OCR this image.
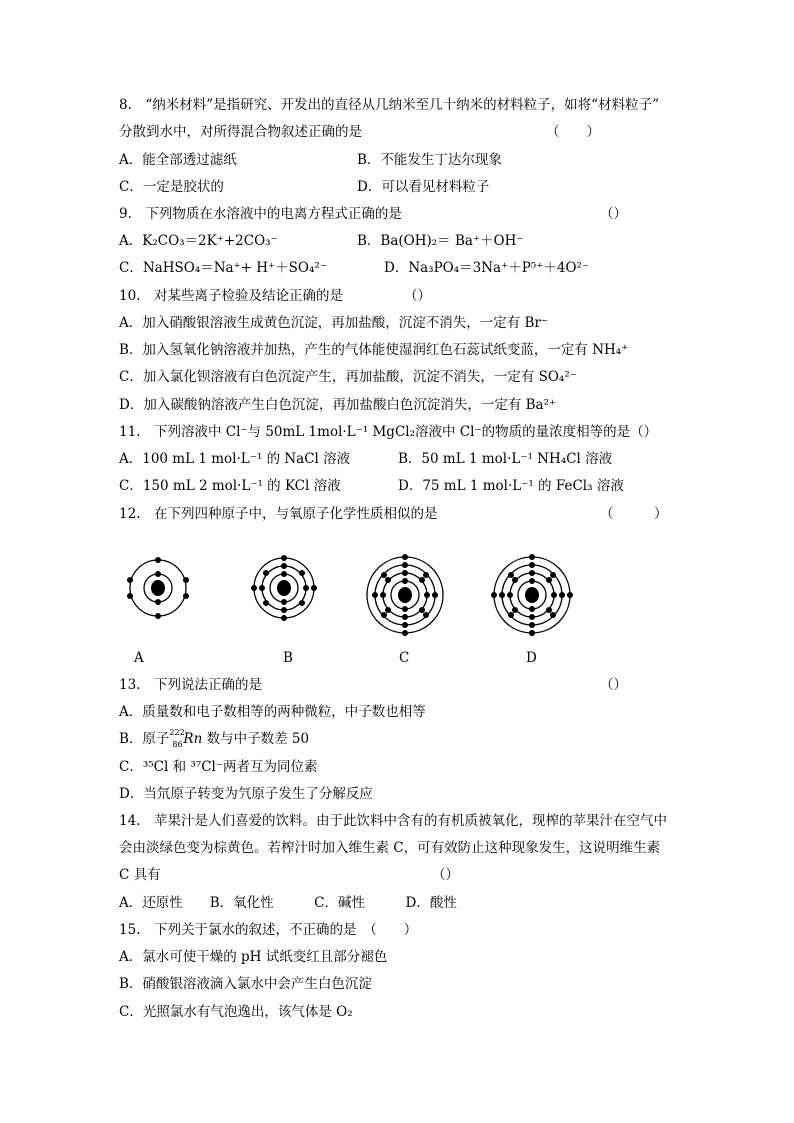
8.　“纳米材料”是指研究、开发出的直径从几纳米至几十纳米的材料粒子，如将“材料粒子”
分散到水中，对所得混合物叙述正确的是	（　　）
A．能全部透过滤纸	B．不能发生丁达尔现象
C．一定是胶状的	D．可以看见材料粒子
9.　下列物质在水溶液中的电离方程式正确的是	（）
A．K₂CO₃＝2K⁺+2CO₃⁻	B．Ba(OH)₂＝ Ba⁺＋OH⁻
C．NaHSO₄＝Na⁺+ H⁺＋SO₄²⁻	D．Na₃PO₄＝3Na⁺＋P⁵⁺＋4O²⁻
10.　对某些离子检验及结论正确的是	（）
A．加入硝酸银溶液生成黄色沉淀，再加盐酸，沉淀不消失，一定有 Br⁻
B．加入氢氧化钠溶液并加热，产生的气体能使湿润红色石蕊试纸变蓝，一定有 NH₄⁺
C．加入氯化钡溶液有白色沉淀产生，再加盐酸，沉淀不消失，一定有 SO₄²⁻
D．加入碳酸钠溶液产生白色沉淀，再加盐酸白色沉淀消失，一定有 Ba²⁺
11.　下列溶液中 Cl⁻与 50mL 1mol·L⁻¹ MgCl₂溶液中 Cl⁻的物质的量浓度相等的是（）
A．100 mL 1 mol·L⁻¹ 的 NaCl 溶液	B．50 mL 1 mol·L⁻¹ NH₄Cl 溶液
C．150 mL 2 mol·L⁻¹ 的 KCl 溶液	D．75 mL 1 mol·L⁻¹ 的 FeCl₃ 溶液
12.　在下列四种原子中，与氧原子化学性质相似的是	（　　　）
A	B	C	D
13.　下列说法正确的是	（）
A．质量数和电子数相等的两种微粒，中子数也相等
B．原子 222
86 Rn 数与中子数差 50
C．³⁵Cl 和 ³⁷Cl⁻两者互为同位素
D．当氘原子转变为氕原子发生了分解反应
14.　苹果汁是人们喜爱的饮料。由于此饮料中含有的有机质被氧化，现榨的苹果汁在空气中
会由淡绿色变为棕黄色。若榨汁时加入维生素 C，可有效防止这种现象发生，这说明维生素
C 具有	（）
A．还原性　　B．氧化性　　　C．碱性　　　D．酸性
15.　下列关于氯水的叙述，不正确的是　（　　）
A．氯水可使干燥的 pH 试纸变红且部分褪色
B．硝酸银溶液滴入氯水中会产生白色沉淀
C．光照氯水有气泡逸出，该气体是 O₂
